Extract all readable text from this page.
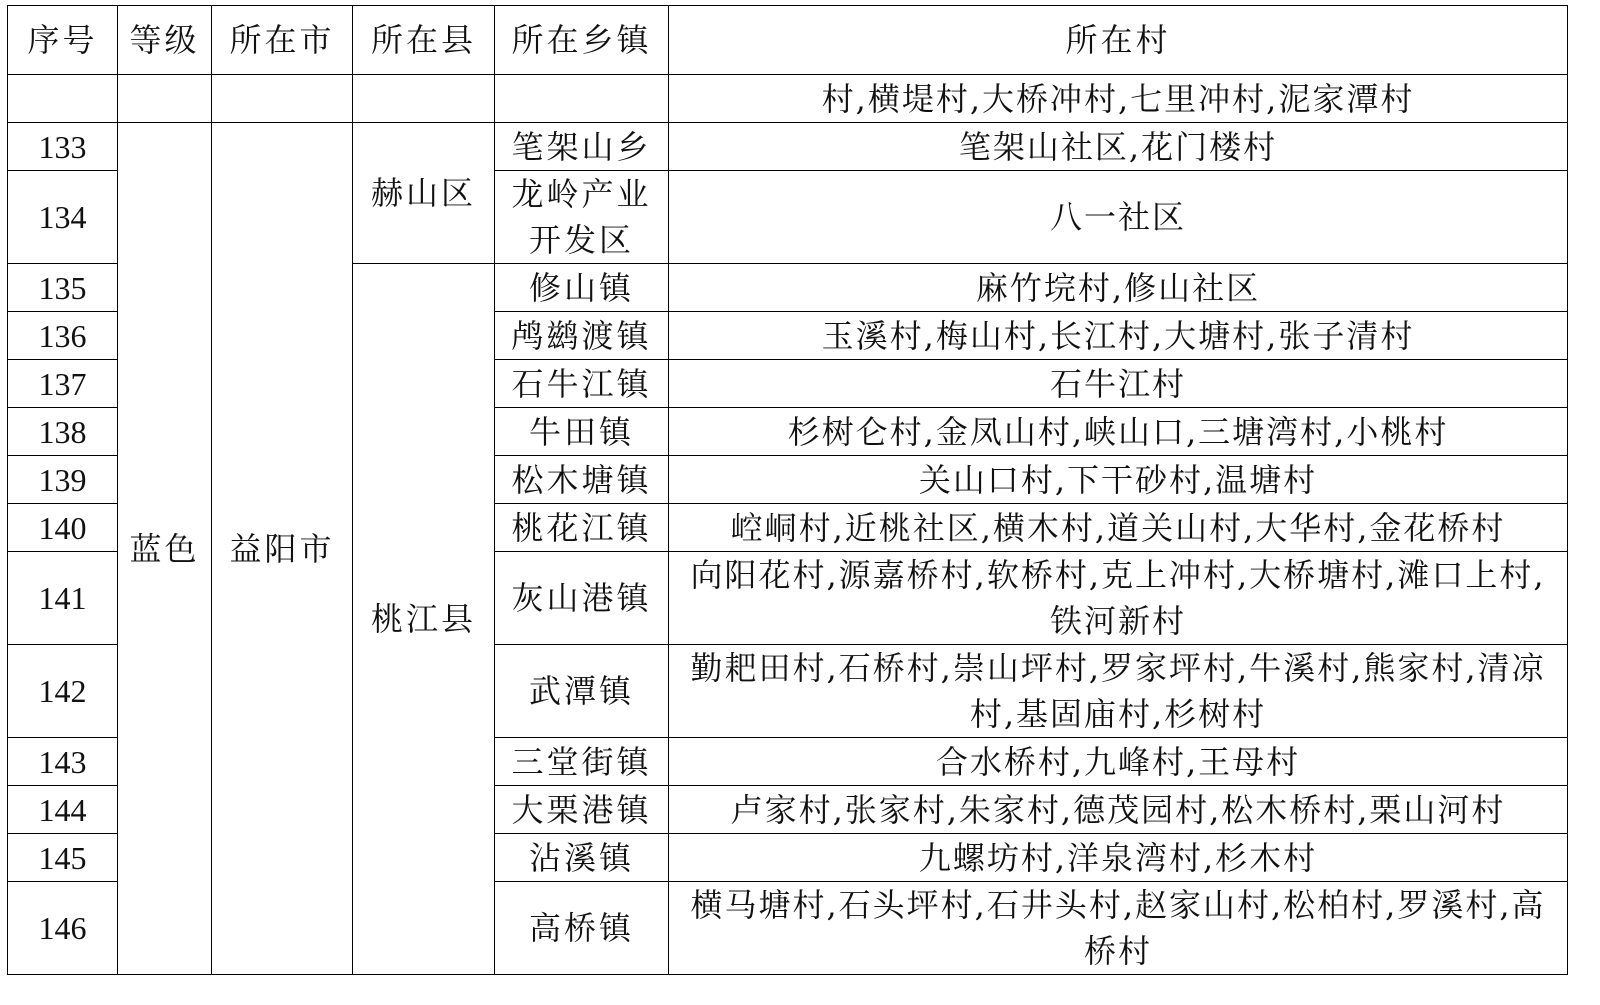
序号	等级	所在市	所在县	所在乡镇	所在村
					村,横堤村,大桥冲村,七里冲村,泥家潭村
133	蓝色	益阳市	赫山区	笔架山乡	笔架山社区,花门楼村
134				龙岭产业开发区	八一社区
135			桃江县	修山镇	麻竹垸村,修山社区
136				鸬鹚渡镇	玉溪村,梅山村,长江村,大塘村,张子清村
137				石牛江镇	石牛江村
138				牛田镇	杉树仑村,金凤山村,峡山口,三塘湾村,小桃村
139				松木塘镇	关山口村,下干砂村,温塘村
140				桃花江镇	崆峒村,近桃社区,横木村,道关山村,大华村,金花桥村
141				灰山港镇	向阳花村,源嘉桥村,软桥村,克上冲村,大桥塘村,滩口上村,铁河新村
142				武潭镇	勤耙田村,石桥村,崇山坪村,罗家坪村,牛溪村,熊家村,清凉村,基固庙村,杉树村
143				三堂街镇	合水桥村,九峰村,王母村
144				大栗港镇	卢家村,张家村,朱家村,德茂园村,松木桥村,栗山河村
145				沾溪镇	九螺坊村,洋泉湾村,杉木村
146				高桥镇	横马塘村,石头坪村,石井头村,赵家山村,松柏村,罗溪村,高桥村
